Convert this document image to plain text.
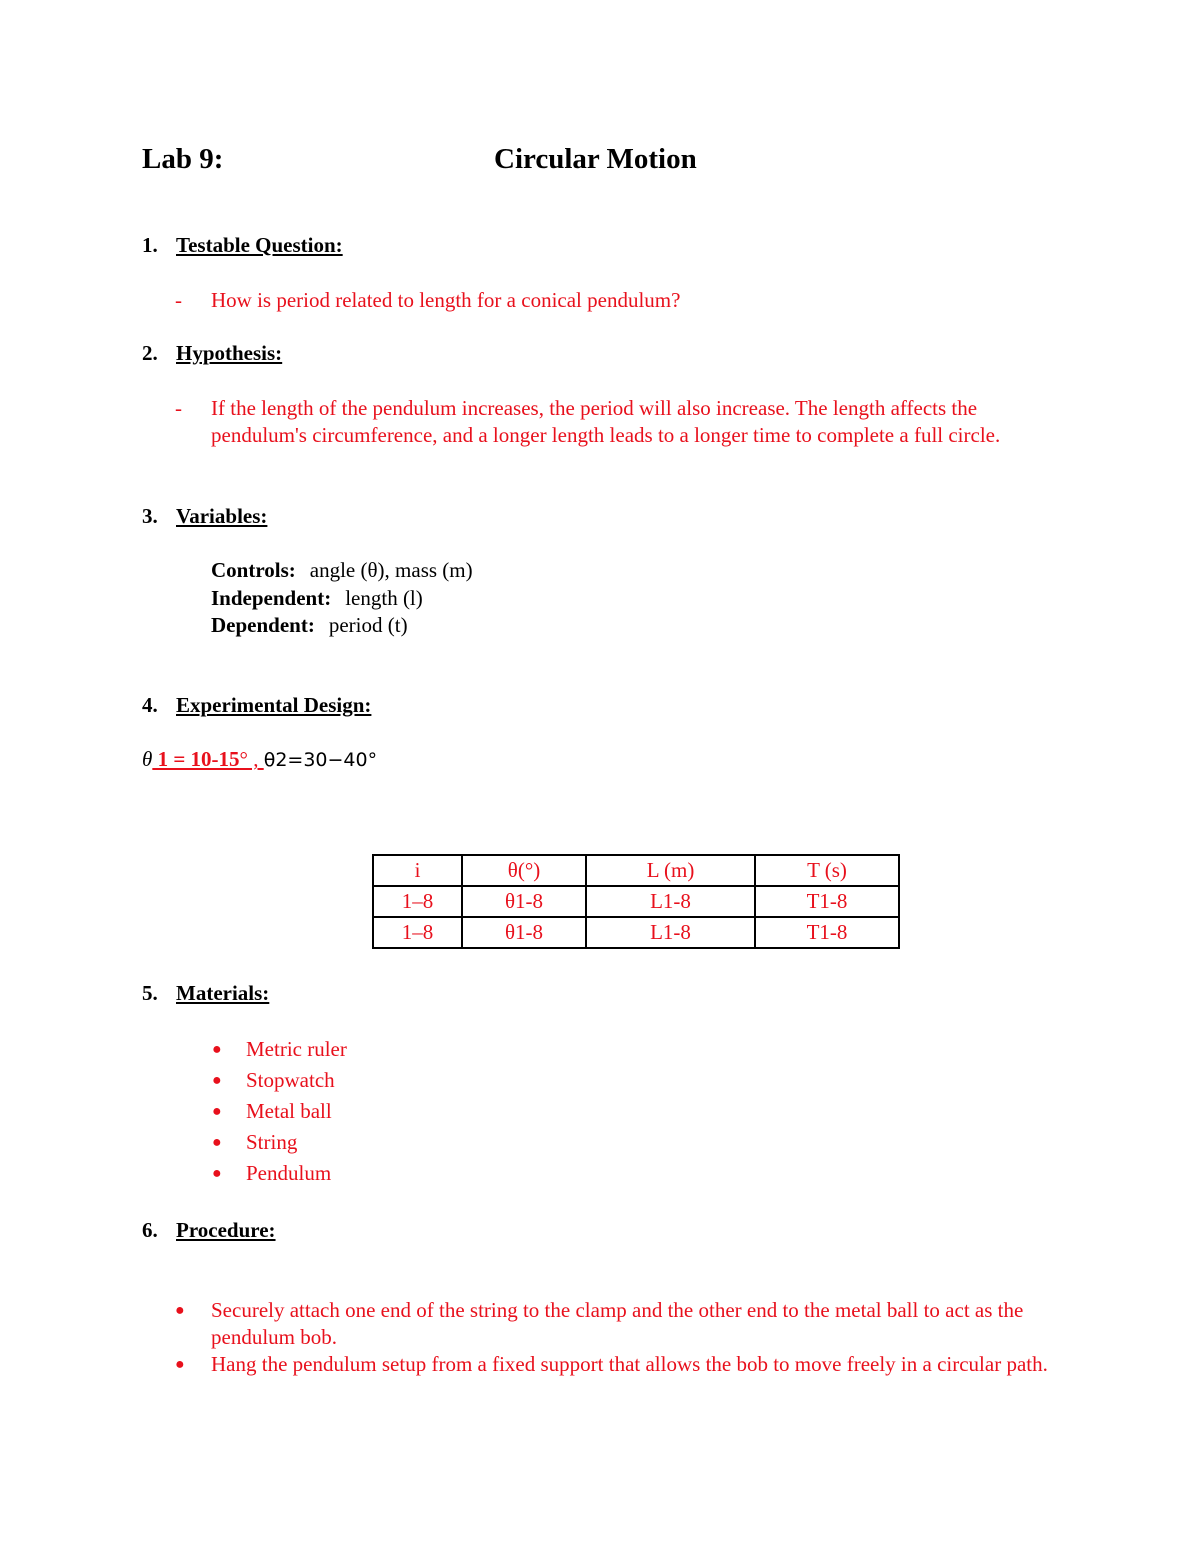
Lab 9:	Circular Motion
1. Testable Question:
-	How is period related to length for a conical pendulum?
2. Hypothesis:
-	If the length of the pendulum increases, the period will also increase. The length affects the pendulum's circumference, and a longer length leads to a longer time to complete a full circle.
3. Variables:
Controls: angle (θ), mass (m)
Independent: length (l)
Dependent: period (t)
4. Experimental Design:
θ 1 = 10-15° , θ2=30−40°
i	θ(°)	L (m)	T (s)
1–8	θ1-8	L1-8	T1-8
1–8	θ1-8	L1-8	T1-8
5. Materials:
●	Metric ruler
●	Stopwatch
●	Metal ball
●	String
●	Pendulum
6. Procedure:
●	Securely attach one end of the string to the clamp and the other end to the metal ball to act as the pendulum bob.
●	Hang the pendulum setup from a fixed support that allows the bob to move freely in a circular path.
